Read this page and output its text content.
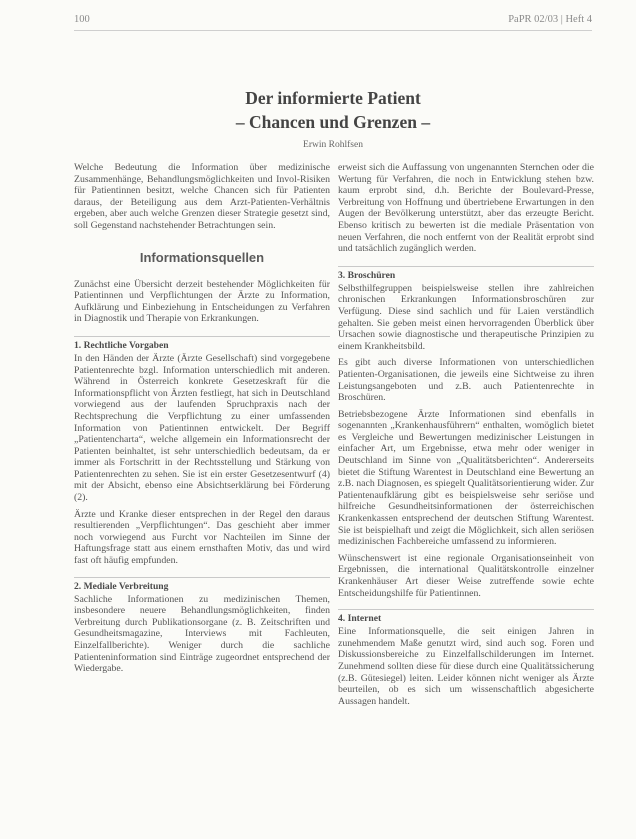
100	PaPR 02/03 | Heft 4
Der informierte Patient
– Chancen und Grenzen –
Erwin Rohlfsen

Welche Bedeutung die Information über medizinische Zusammenhänge, Behandlungsmöglichkeiten und Invol-Risiken für Patientinnen besitzt, welche Chancen sich für Patienten daraus, der Beteiligung aus dem Arzt-Patienten-Verhältnis ergeben, aber auch welche Grenzen dieser Strategie gesetzt sind, soll Gegenstand nachstehender Betrachtungen sein.

Informationsquellen

Zunächst eine Übersicht derzeit bestehender Möglichkeiten für Patientinnen und Verpflichtungen der Ärzte zu Information, Aufklärung und Einbeziehung in Entscheidungen zu Verfahren in Diagnostik und Therapie von Erkrankungen.

1. Rechtliche Vorgaben

In den Händen der Ärzte (Ärzte Gesellschaft) sind vorgegebene Patientenrechte bzgl. Information unterschiedlich mit anderen. Während in Österreich konkrete Gesetzeskraft für die Informationspflicht von Ärzten festliegt, hat sich in Deutschland vorwiegend aus der laufenden Spruchpraxis nach der Rechtsprechung die Verpflichtung zu einer umfassenden Information von Patientinnen entwickelt. Der Begriff „Patientencharta“, welche allgemein ein Informationsrecht der Patienten beinhaltet, ist sehr unterschiedlich bedeutsam, da er immer als Fortschritt in der Rechtsstellung und Stärkung von Patientenrechten zu sehen. Sie ist ein erster Gesetzesentwurf (4) mit der Absicht, ebenso eine Absichtserklärung bei Förderung (2).

Ärzte und Kranke dieser entsprechen in der Regel den daraus resultierenden „Verpflichtungen“. Das geschieht aber immer noch vorwiegend aus Furcht vor Nachteilen im Sinne der Haftungsfrage statt aus einem ernsthaften Motiv, das und wird fast oft häufig empfunden.

2. Mediale Verbreitung

Sachliche Informationen zu medizinischen Themen, insbesondere neuere Behandlungsmöglichkeiten, finden Verbreitung durch Publikationsorgane (z. B. Zeitschriften und Gesundheitsmagazine, Interviews mit Fachleuten, Einzelfallberichte). Weniger durch die sachliche Patienteninformation sind Einträge zugeordnet entsprechend der Wiedergabe.

erweist sich die Auffassung von ungenannten Sternchen oder die Wertung für Verfahren, die noch in Entwicklung stehen bzw. kaum erprobt sind, d.h. Berichte der Boulevard-Presse, Verbreitung von Hoffnung und übertriebene Erwartungen in den Augen der Bevölkerung unterstützt, aber das erzeugte Bericht. Ebenso kritisch zu bewerten ist die mediale Präsentation von neuen Verfahren, die noch entfernt von der Realität erprobt sind und tatsächlich zugänglich werden.

3. Broschüren

Selbsthilfegruppen beispielsweise stellen ihre zahlreichen chronischen Erkrankungen Informationsbroschüren zur Verfügung. Diese sind sachlich und für Laien verständlich gehalten. Sie geben meist einen hervorragenden Überblick über Ursachen sowie diagnostische und therapeutische Prinzipien zu einem Krankheitsbild.

Es gibt auch diverse Informationen von unterschiedlichen Patienten-Organisationen, die jeweils eine Sichtweise zu ihren Leistungsangeboten und z.B. auch Patientenrechte in Broschüren.

Betriebsbezogene Ärzte Informationen sind ebenfalls in sogenannten „Krankenhausführern“ enthalten, womöglich bietet es Vergleiche und Bewertungen medizinischer Leistungen in einfacher Art, um Ergebnisse, etwa mehr oder weniger in Deutschland im Sinne von „Qualitätsberichten“. Andererseits bietet die Stiftung Warentest in Deutschland eine Bewertung an z.B. nach Diagnosen, es spiegelt Qualitätsorientierung wider. Zur Patientenaufklärung gibt es beispielsweise sehr seriöse und hilfreiche Gesundheitsinformationen der österreichischen Krankenkassen entsprechend der deutschen Stiftung Warentest. Sie ist beispielhaft und zeigt die Möglichkeit, sich allen seriösen medizinischen Fachbereiche umfassend zu informieren.

Wünschenswert ist eine regionale Organisationseinheit von Ergebnissen, die international Qualitätskontrolle einzelner Krankenhäuser Art dieser Weise zutreffende sowie echte Entscheidungshilfe für Patientinnen.

4. Internet

Eine Informationsquelle, die seit einigen Jahren in zunehmendem Maße genutzt wird, sind auch sog. Foren und Diskussionsbereiche zu Einzelfallschilderungen im Internet. Zunehmend sollten diese für diese durch eine Qualitätssicherung (z.B. Gütesiegel) leiten. Leider können nicht weniger als Ärzte beurteilen, ob es sich um wissenschaftlich abgesicherte Aussagen handelt.
